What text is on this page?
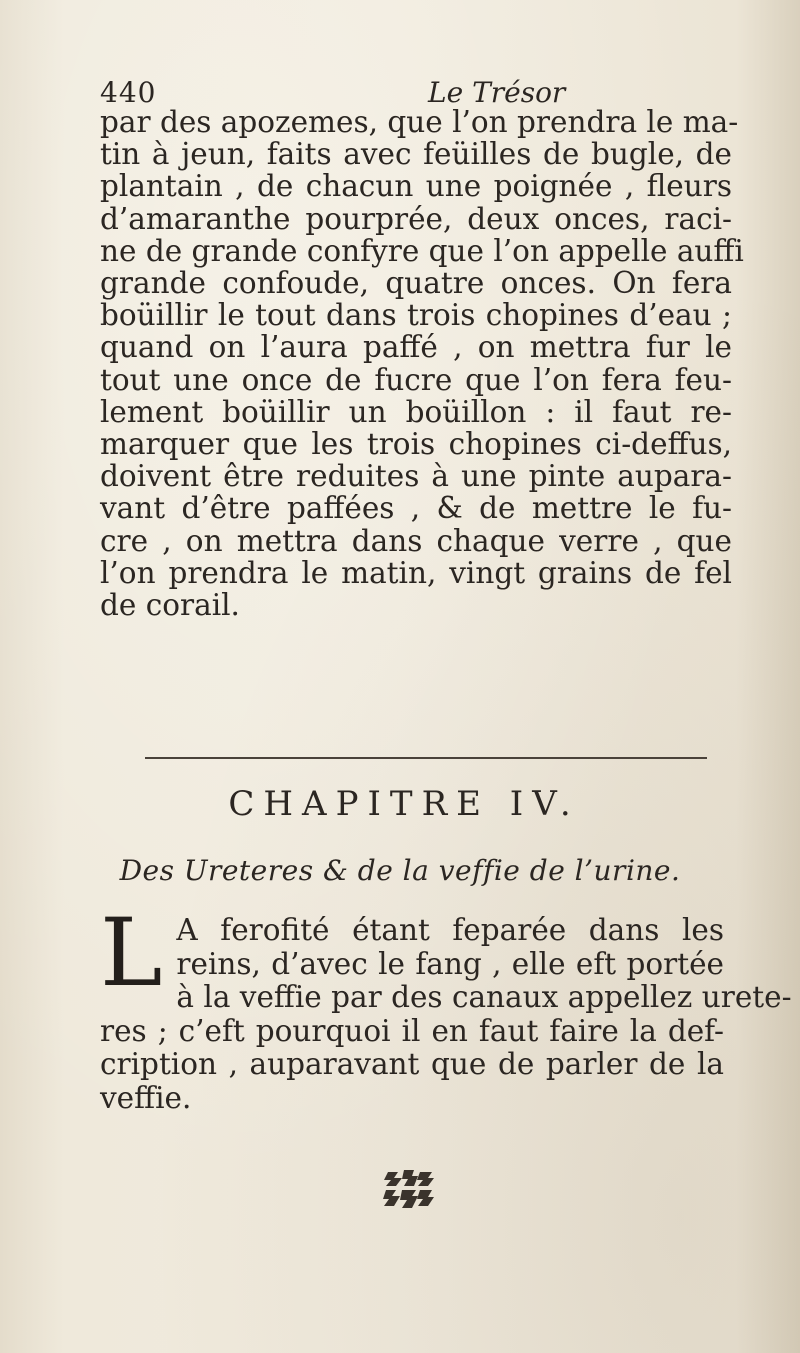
440	Le Trésor
par des apozemes, que l’on prendra le ma-
tin à jeun, faits avec feüilles de bugle, de
plantain , de chacun une poignée , fleurs
d’amaranthe pourprée, deux onces, raci-
ne de grande confyre que l’on appelle auffi
grande confoude, quatre onces. On fera
boüillir le tout dans trois chopines d’eau ;
quand on l’aura paffé , on mettra fur le
tout une once de fucre que l’on fera feu-
lement boüillir un boüillon : il faut re-
marquer que les trois chopines ci-deffus,
doivent être reduites à une pinte aupara-
vant d’être paffées , & de mettre le fu-
cre , on mettra dans chaque verre , que
l’on prendra le matin, vingt grains de fel
de corail.
CHAPITRE IV.
Des Ureteres & de la veffie de l’urine.
L A ferofité étant feparée dans les
reins, d’avec le fang , elle eft portée
à la veffie par des canaux appellez urete-
res ; c’eft pourquoi il en faut faire la def-
cription , auparavant que de parler de la
veffie.
